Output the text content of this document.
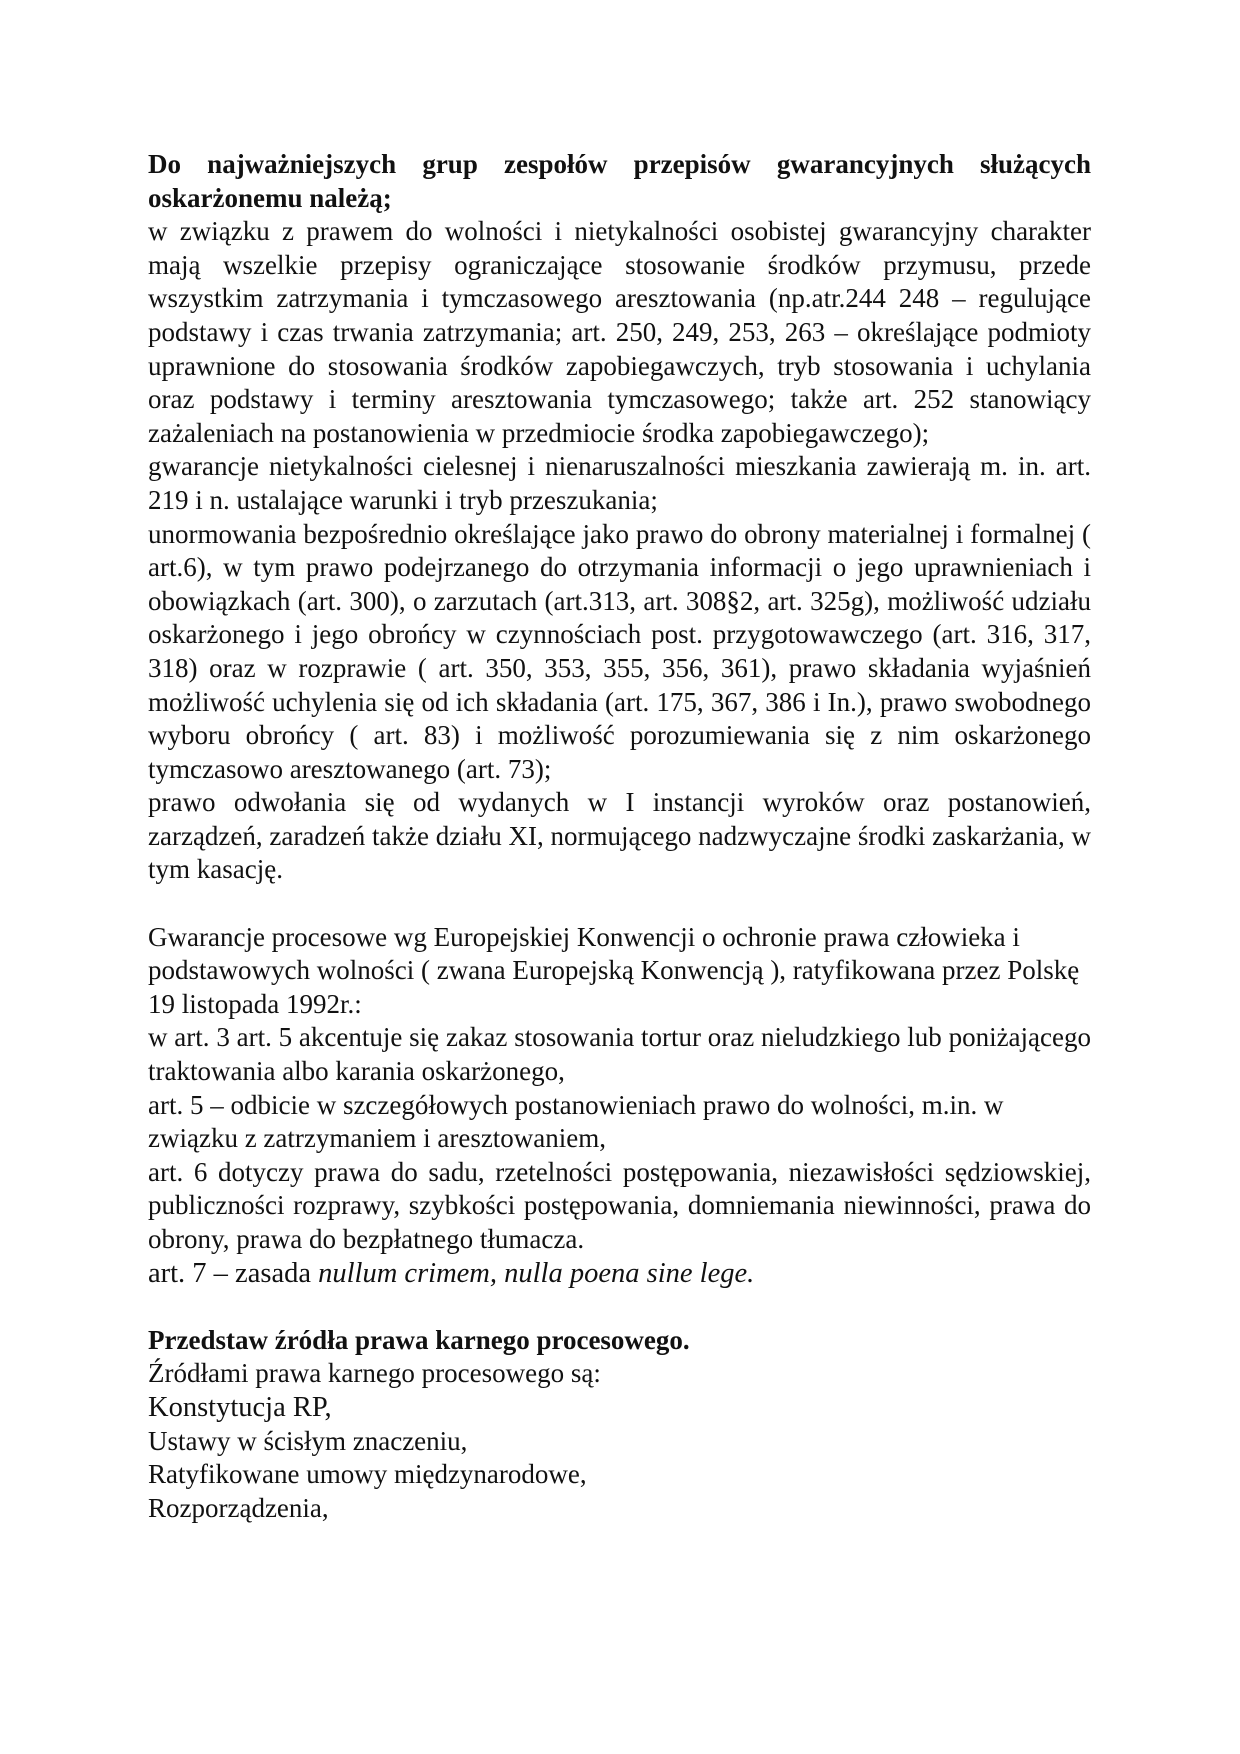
Do najważniejszych grup zespołów przepisów gwarancyjnych służących oskarżonemu należą;

w związku z prawem do wolności i nietykalności osobistej gwarancyjny charakter mają wszelkie przepisy ograniczające stosowanie środków przymusu, przede wszystkim zatrzymania i tymczasowego aresztowania (np.atr.244 248 – regulujące podstawy i czas trwania zatrzymania; art. 250, 249, 253, 263 – określające podmioty uprawnione do stosowania środków zapobiegawczych, tryb stosowania i uchylania oraz podstawy i terminy aresztowania tymczasowego; także art. 252 stanowiący zażaleniach na postanowienia w przedmiocie środka zapobiegawczego);

gwarancje nietykalności cielesnej i nienaruszalności mieszkania zawierają m. in. art. 219 i n. ustalające warunki i tryb przeszukania;

unormowania bezpośrednio określające jako prawo do obrony materialnej i formalnej ( art.6), w tym prawo podejrzanego do otrzymania informacji o jego uprawnieniach i obowiązkach (art. 300), o zarzutach (art.313, art. 308§2, art. 325g), możliwość udziału oskarżonego i jego obrońcy w czynnościach post. przygotowawczego (art. 316, 317, 318) oraz w rozprawie ( art. 350, 353, 355, 356, 361), prawo składania wyjaśnień możliwość uchylenia się od ich składania (art. 175, 367, 386 i In.), prawo swobodnego wyboru obrońcy ( art. 83) i możliwość porozumiewania się z nim oskarżonego tymczasowo aresztowanego (art. 73);

prawo odwołania się od wydanych w I instancji wyroków oraz postanowień, zarządzeń, zaradzeń także działu XI, normującego nadzwyczajne środki zaskarżania, w tym kasację.

Gwarancje procesowe wg Europejskiej Konwencji o ochronie prawa człowieka i podstawowych wolności ( zwana Europejską Konwencją ), ratyfikowana przez Polskę 19 listopada 1992r.:

w art. 3 art. 5 akcentuje się zakaz stosowania tortur oraz nieludzkiego lub poniżającego traktowania albo karania oskarżonego,

art. 5 – odbicie w szczegółowych postanowieniach prawo do wolności, m.in. w związku z zatrzymaniem i aresztowaniem,

art. 6 dotyczy prawa do sadu, rzetelności postępowania, niezawisłości sędziowskiej, publiczności rozprawy, szybkości postępowania, domniemania niewinności, prawa do obrony, prawa do bezpłatnego tłumacza.

art. 7 – zasada nullum crimem, nulla poena sine lege.

Przedstaw źródła prawa karnego procesowego.

Źródłami prawa karnego procesowego są:

Konstytucja RP,

Ustawy w ścisłym znaczeniu,

Ratyfikowane umowy międzynarodowe,

Rozporządzenia,
